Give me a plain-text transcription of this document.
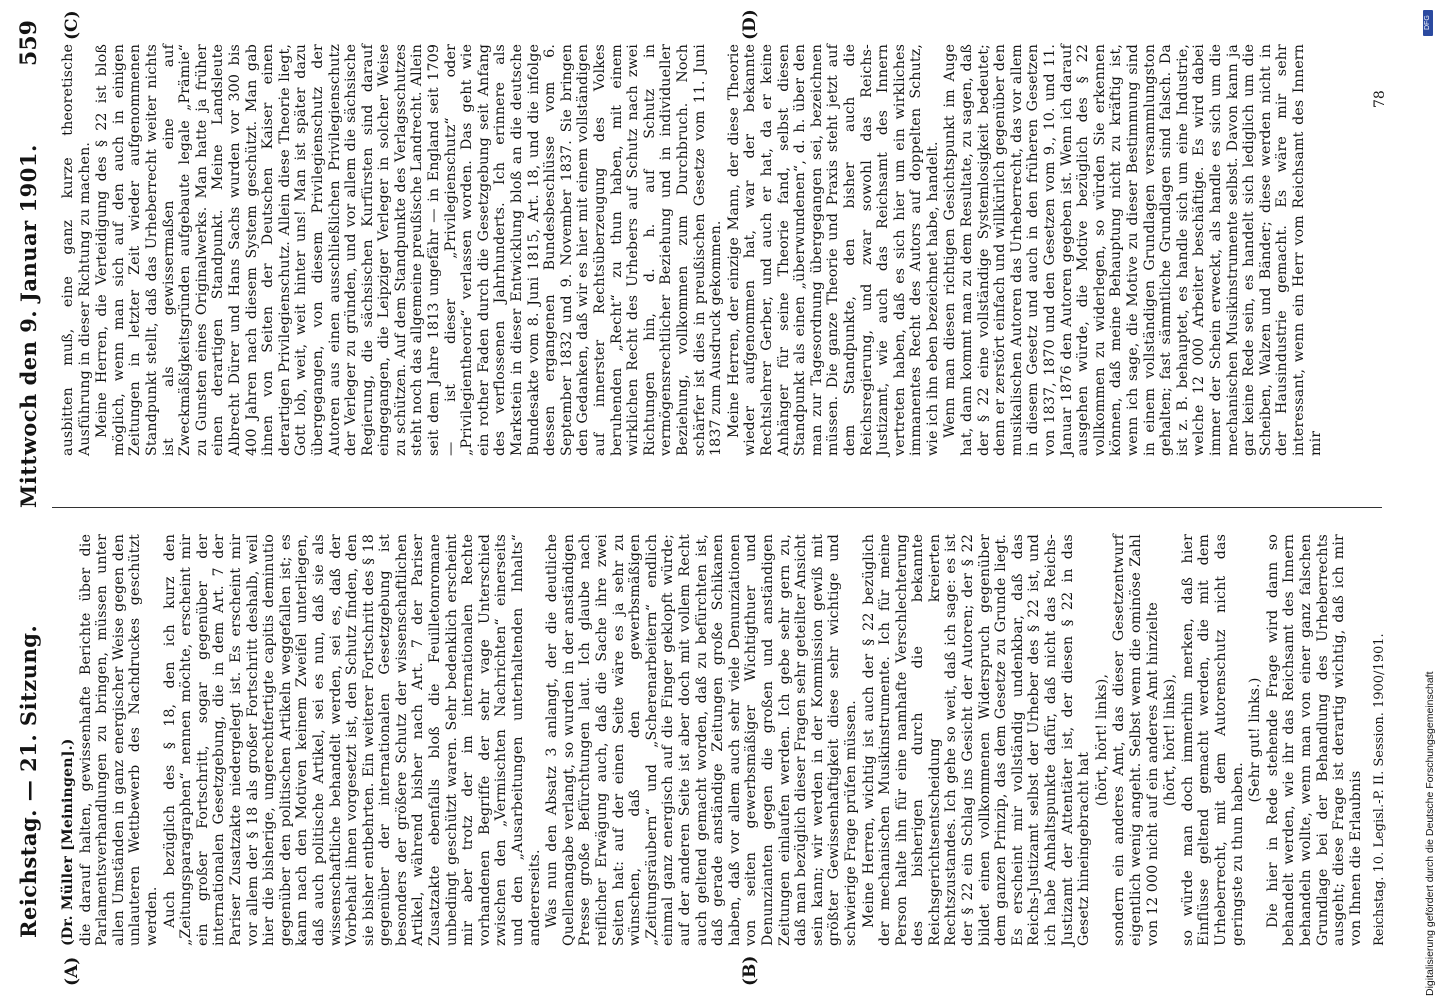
Reichstag. — 21. Sitzung.
Mittwoch den 9. Januar 1901.
559
(A)	(B)
(C)	(D)

(Dr. Müller [Meiningen].) die darauf halten, gewissenhafte Berichte über die Parlamentsverhandlungen zu bringen, müssen unter allen Umständen in ganz energischer Weise gegen den unlauteren Wettbewerb des Nachdruckes geschützt werden. Auch bezüglich des § 18, den ich kurz den „Zeitungsparagraphen“ nennen möchte, erscheint mir ein großer Fortschritt, sogar gegenüber der internationalen Gesetzgebung, die in dem Art. 7 der Pariser Zusatzakte niedergelegt ist. Es erscheint mir vor allem der § 18 als großer Fortschritt deshalb, weil hier die bisherige, ungerechtfertigte capitis deminutio gegenüber den politischen Artikeln weggefallen ist; es kann nach den Motiven keinem Zweifel unterliegen, daß auch politische Artikel, sei es nun, daß sie als wissenschaftliche behandelt werden, sei es, daß der Vorbehalt ihnen vorgesetzt ist, den Schutz finden, den sie bisher entbehrten. Ein weiterer Fortschritt des § 18 gegenüber der internationalen Gesetzgebung ist besonders der größere Schutz der wissenschaftlichen Artikel, während bisher nach Art. 7 der Pariser Zusatzakte ebenfalls bloß die Feuilletonromane unbedingt geschützt waren. Sehr bedenklich erscheint mir aber trotz der im internationalen Rechte vorhandenen Begriffe der sehr vage Unterschied zwischen den „Vermischten Nachrichten“ einerseits und den „Ausarbeitungen unterhaltenden Inhalts“ andererseits. Was nun den Absatz 3 anlangt, der die deutliche Quellenangabe verlangt, so wurden in der anständigen Presse große Befürchtungen laut. Ich glaube nach reiflicher Erwägung auch, daß die Sache ihre zwei Seiten hat: auf der einen Seite wäre es ja sehr zu wünschen, daß den gewerbsmäßigen „Zeitungsräubern“ und „Scherenarbeitern“ endlich einmal ganz energisch auf die Finger geklopft würde; auf der anderen Seite ist aber doch mit vollem Recht auch geltend gemacht worden, daß zu befürchten ist, daß gerade anständige Zeitungen große Schikanen haben, daß vor allem auch sehr viele Denunziationen von seiten gewerbsmäßiger Wichtigthuer und Denunzianten gegen die großen und anständigen Zeitungen einlaufen werden. Ich gebe sehr gern zu, daß man bezüglich dieser Fragen sehr geteilter Ansicht sein kann; wir werden in der Kommission gewiß mit größter Gewissenhaftigkeit diese sehr wichtige und schwierige Frage prüfen müssen. Meine Herren, wichtig ist auch der § 22 bezüglich der mechanischen Musikinstrumente. Ich für meine Person halte ihn für eine namhafte Verschlechterung des bisherigen durch die bekannte Reichsgerichtsentscheidung kreierten Rechtszustandes. Ich gehe so weit, daß ich sage: es ist der § 22 ein Schlag ins Gesicht der Autoren; der § 22 bildet einen vollkommenen Widerspruch gegenüber dem ganzen Prinzip, das dem Gesetze zu Grunde liegt. Es erscheint mir vollständig undenkbar, daß das Reichs-Justizamt selbst der Urheber des § 22 ist, und ich habe Anhaltspunkte dafür, daß nicht das Reichs-Justizamt der Attentäter ist, der diesen § 22 in das Gesetz hineingebracht hat

(hört, hört! links), sondern ein anderes Amt, das dieser Gesetzentwurf eigentlich wenig angeht. Selbst wenn die ominöse Zahl von 12 000 nicht auf ein anderes Amt hinzielte (hört, hört! links), so würde man doch immerhin merken, daß hier Einflüsse geltend gemacht werden, die mit dem Urheberrecht, mit dem Autorenschutz nicht das geringste zu thun haben.

(Sehr gut! links.) Die hier in Rede stehende Frage wird dann so behandelt werden, wie ihr das Reichsamt des Innern behandeln wollte, wenn man von einer ganz falschen Grundlage bei der Behandlung des Urheberrechts ausgeht; diese Frage ist derartig wichtig, daß ich mir von Ihnen die Erlaubnis

ausbitten muß, eine ganz kurze theoretische Ausführung in dieser Richtung zu machen. Meine Herren, die Verteidigung des § 22 ist bloß möglich, wenn man sich auf den auch in einigen Zeitungen in letzter Zeit wieder aufgenommenen Standpunkt stellt, daß das Urheberrecht weiter nichts ist als gewissermaßen eine auf Zweckmäßigkeitsgründen aufgebaute legale „Prämie“ zu Gunsten eines Originalwerks. Man hatte ja früher einen derartigen Standpunkt. Meine Landsleute Albrecht Dürer und Hans Sachs wurden vor 300 bis 400 Jahren nach diesem System geschützt. Man gab ihnen von Seiten der Deutschen Kaiser einen derartigen Privilegienschutz. Allein diese Theorie liegt, Gott lob, weit, weit hinter uns! Man ist später dazu übergegangen, von diesem Privilegienschutz der Autoren aus einen ausschließlichen Privilegienschutz der Verleger zu gründen, und vor allem die sächsische Regierung, die sächsischen Kurfürsten sind darauf eingegangen, die Leipziger Verleger in solcher Weise zu schützen. Auf dem Standpunkte des Verlagsschutzes steht noch das allgemeine preußische Landrecht. Allein seit dem Jahre 1813 ungefähr — in England seit 1709 — ist dieser „Privilegienschutz“ oder „Privilegientheorie“ verlassen worden. Das geht wie ein rother Faden durch die Gesetzgebung seit Anfang des verflossenen Jahrhunderts. Ich erinnere als Markstein in dieser Entwicklung bloß an die deutsche Bundesakte vom 8. Juni 1815, Art. 18, und die infolge dessen ergangenen Bundesbeschlüsse vom 6. September 1832 und 9. November 1837. Sie bringen den Gedanken, daß wir es hier mit einem vollständigen auf innerster Rechtsüberzeugung des Volkes beruhenden „Recht“ zu thun haben, mit einem wirklichen Recht des Urhebers auf Schutz nach zwei Richtungen hin, d. h. auf Schutz in vermögensrechtlicher Beziehung und in individueller Beziehung, vollkommen zum Durchbruch. Noch schärfer ist dies in preußischen Gesetze vom 11. Juni 1837 zum Ausdruck gekommen. Meine Herren, der einzige Mann, der diese Theorie wieder aufgenommen hat, war der bekannte Rechtslehrer Gerber, und auch er hat, da er keine Anhänger für seine Theorie fand, selbst diesen Standpunkt als einen „überwundenen“, d. h. über den man zur Tagesordnung übergegangen sei, bezeichnen müssen. Die ganze Theorie und Praxis steht jetzt auf dem Standpunkte, den bisher auch die Reichsregierung, und zwar sowohl das Reichs-Justizamt, wie auch das Reichsamt des Innern vertreten haben, daß es sich hier um ein wirkliches immanentes Recht des Autors auf doppelten Schutz, wie ich ihn eben bezeichnet habe, handelt. Wenn man diesen richtigen Gesichtspunkt im Auge hat, dann kommt man zu dem Resultate, zu sagen, daß der § 22 eine vollständige Systemlosigkeit bedeutet; denn er zerstört einfach und willkürlich gegenüber den musikalischen Autoren das Urheberrecht, das vor allem in diesem Gesetz und auch in den früheren Gesetzen von 1837, 1870 und den Gesetzen vom 9., 10. und 11. Januar 1876 den Autoren gegeben ist. Wenn ich darauf ausgehen würde, die Motive bezüglich des § 22 vollkommen zu widerlegen, so würden Sie erkennen können, daß meine Behauptung nicht zu kräftig ist, wenn ich sage, die Motive zu dieser Bestimmung sind in einem vollständigen Grundlagen versammlungston gehalten; fast sämmtliche Grundlagen sind falsch. Da ist z. B. behauptet, es handle sich um eine Industrie, welche 12 000 Arbeiter beschäftige. Es wird dabei immer der Schein erweckt, als handle es sich um die mechanischen Musikinstrumente selbst. Davon kann ja gar keine Rede sein, es handelt sich lediglich um die Scheiben, Walzen und Bänder; diese werden nicht in der Hausindustrie gemacht. Es wäre mir sehr interessant, wenn ein Herr vom Reichsamt des Innern mir

Reichstag. 10. Legisl.-P. II. Session. 1900/1901.
78
DFG
Digitalisierung gefördert durch die Deutsche Forschungsgemeinschaft
